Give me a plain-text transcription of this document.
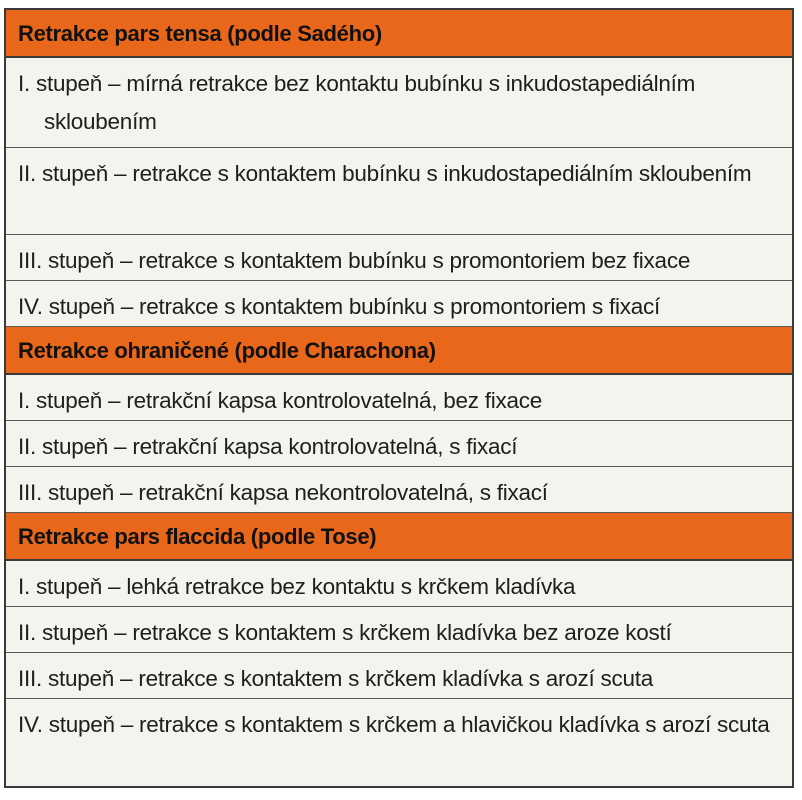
Retrakce pars tensa (podle Sadého)
I. stupeň – mírná retrakce bez kontaktu bubínku s inkudostapediálním skloubením
II. stupeň – retrakce s kontaktem bubínku s inkudostapediálním skloubením
III. stupeň – retrakce s kontaktem bubínku s promontoriem bez fixace
IV. stupeň – retrakce s kontaktem bubínku s promontoriem s fixací
Retrakce ohraničené (podle Charachona)
I. stupeň – retrakční kapsa kontrolovatelná, bez fixace
II. stupeň – retrakční kapsa kontrolovatelná, s fixací
III. stupeň – retrakční kapsa nekontrolovatelná, s fixací
Retrakce pars flaccida (podle Tose)
I. stupeň – lehká retrakce bez kontaktu s krčkem kladívka
II. stupeň – retrakce s kontaktem s krčkem kladívka bez aroze kostí
III. stupeň – retrakce s kontaktem s krčkem kladívka s arozí scuta
IV. stupeň – retrakce s kontaktem s krčkem a hlavičkou kladívka s arozí scuta
